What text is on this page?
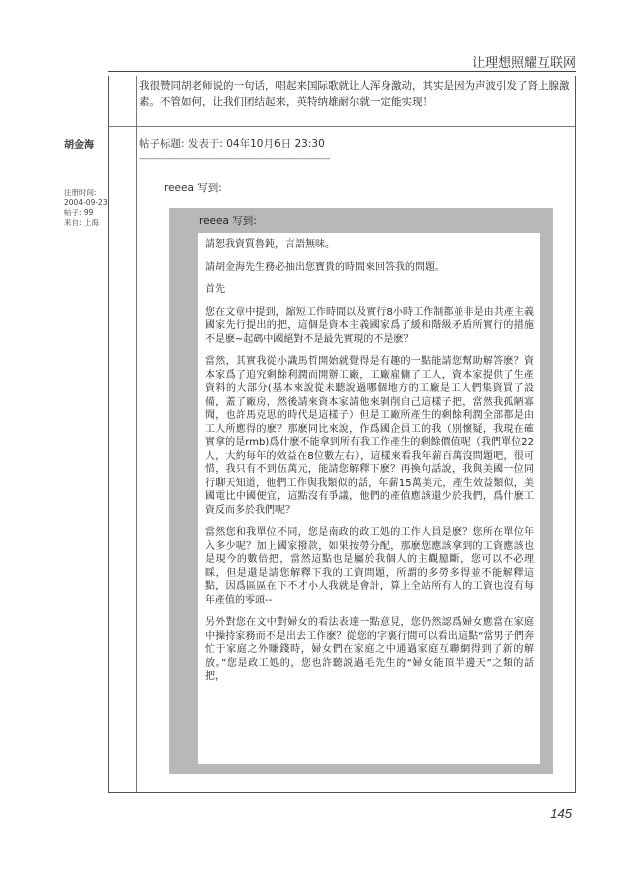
让理想照耀互联网
我很赞同胡老师说的一句话，唱起来国际歌就让人浑身激动，其实是因为声波引发了肾上腺激素。不管如何，让我们团结起来，英特纳雄耐尔就一定能实现！
胡金海
注册时间:
2004-09-23
帖子: 99
来自: 上海
帖子标题: 发表于: 04年10月6日 23:30
--------------------------------------------------------------------------------
reeea 写到:
reeea 写到:

請恕我資質魯鈍，言語無味。

請胡金海先生務必抽出您寶貴的時間來回答我的問題。

首先

您在文章中提到，縮短工作時間以及實行8小時工作制都並非是由共產主義國家先行提出的把，這個是資本主義國家爲了緩和階級矛盾所實行的措施不是麽~起碼中國絕對不是最先實現的不是麽？

當然，其實我從小識馬哲開始就覺得是有趣的一點能請您幫助解答麽？資本家爲了追究剩餘利潤而開辦工廠，工廠雇傭了工人，資本家提供了生產資料的大部分(基本來說從未聽說過哪個地方的工廠是工人們集資買了設備，蓋了廠房，然後請來資本家請他來剝削自己這樣子把，當然我孤陋寡聞，也許馬克思的時代是這樣子）但是工廠所產生的剩餘利潤全部都是由工人所應得的麽？那麽同比來說，作爲國企員工的我（別懷疑，我現在確實拿的是rmb)爲什麽不能拿到所有我工作產生的剩餘價值呢（我們單位22人，大約每年的效益在8位數左右），這樣來看我年薪百萬沒問題吧，很可惜，我只有不到伍萬元，能請您解釋下麽？再換句話說，我與美國一位同行聊天知道，他們工作與我類似的話，年薪15萬美元，產生效益類似，美國電比中國便宜，這點沒有爭議，他們的產值應該還少於我們，爲什麽工資反而多於我們呢？

當然您和我單位不同，您是南政的政工処的工作人員是麽？您所在單位年入多少呢？加上國家撥款，如果按勞分配，那麽您應該拿到的工資應該也是現今的數倍把，當然這點也是屬於我個人的主觀臆斷，您可以不必理睬，但是還是請您解釋下我的工資問題，所謂的多勞多得並不能解釋這點，因爲區區在下不才小人我就是會計，算上全站所有人的工資也沒有每年產值的零頭--

另外對您在文中對婦女的看法表達一點意見，您仍然認爲婦女應當在家庭中操持家務而不是出去工作麽？從您的字裏行間可以看出這點“當男子們奔忙于家庭之外賺錢時，婦女們在家庭之中通過家庭互聯網得到了新的解放。”您是政工処的，您也許聽説過毛先生的“婦女能頂半邊天”之類的話把，

145
